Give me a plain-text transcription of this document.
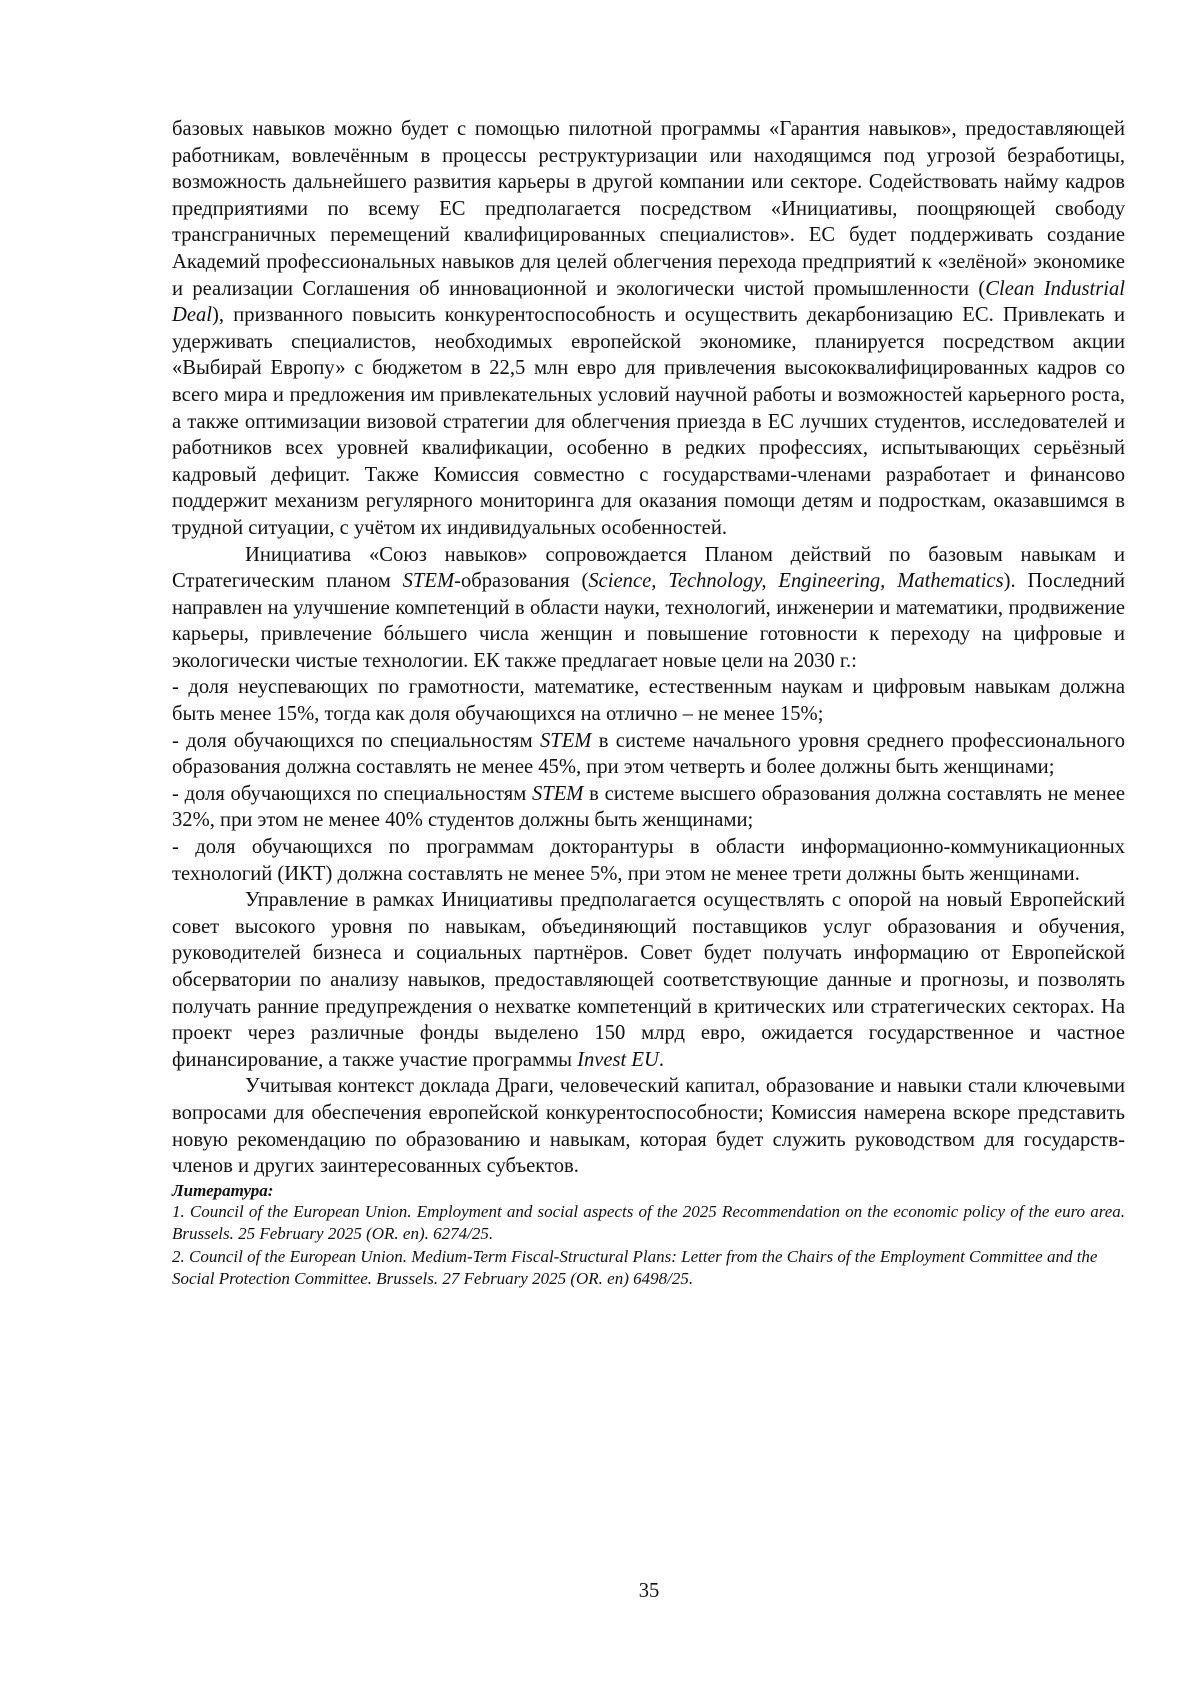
базовых навыков можно будет с помощью пилотной программы «Гарантия навыков», предоставляющей работникам, вовлечённым в процессы реструктуризации или находящимся под угрозой безработицы, возможность дальнейшего развития карьеры в другой компании или секторе. Содействовать найму кадров предприятиями по всему ЕС предполагается посредством «Инициативы, поощряющей свободу трансграничных перемещений квалифицированных специалистов». ЕС будет поддерживать создание Академий профессиональных навыков для целей облегчения перехода предприятий к «зелёной» экономике и реализации Соглашения об инновационной и экологически чистой промышленности (Clean Industrial Deal), призванного повысить конкурентоспособность и осуществить декарбонизацию ЕС. Привлекать и удерживать специалистов, необходимых европейской экономике, планируется посредством акции «Выбирай Европу» с бюджетом в 22,5 млн евро для привлечения высококвалифицированных кадров со всего мира и предложения им привлекательных условий научной работы и возможностей карьерного роста, а также оптимизации визовой стратегии для облегчения приезда в ЕС лучших студентов, исследователей и работников всех уровней квалификации, особенно в редких профессиях, испытывающих серьёзный кадровый дефицит. Также Комиссия совместно с государствами-членами разработает и финансово поддержит механизм регулярного мониторинга для оказания помощи детям и подросткам, оказавшимся в трудной ситуации, с учётом их индивидуальных особенностей.

Инициатива «Союз навыков» сопровождается Планом действий по базовым навыкам и Стратегическим планом STEM-образования (Science, Technology, Engineering, Mathematics). Последний направлен на улучшение компетенций в области науки, технологий, инженерии и математики, продвижение карьеры, привлечение бóльшего числа женщин и повышение готовности к переходу на цифровые и экологически чистые технологии. ЕК также предлагает новые цели на 2030 г.:

- доля неуспевающих по грамотности, математике, естественным наукам и цифровым навыкам должна быть менее 15%, тогда как доля обучающихся на отлично – не менее 15%;

- доля обучающихся по специальностям STEM в системе начального уровня среднего профессионального образования должна составлять не менее 45%, при этом четверть и более должны быть женщинами;

- доля обучающихся по специальностям STEM в системе высшего образования должна составлять не менее 32%, при этом не менее 40% студентов должны быть женщинами;

- доля обучающихся по программам докторантуры в области информационно-коммуникационных технологий (ИКТ) должна составлять не менее 5%, при этом не менее трети должны быть женщинами.

Управление в рамках Инициативы предполагается осуществлять с опорой на новый Европейский совет высокого уровня по навыкам, объединяющий поставщиков услуг образования и обучения, руководителей бизнеса и социальных партнёров. Совет будет получать информацию от Европейской обсерватории по анализу навыков, предоставляющей соответствующие данные и прогнозы, и позволять получать ранние предупреждения о нехватке компетенций в критических или стратегических секторах. На проект через различные фонды выделено 150 млрд евро, ожидается государственное и частное финансирование, а также участие программы Invest EU.

Учитывая контекст доклада Драги, человеческий капитал, образование и навыки стали ключевыми вопросами для обеспечения европейской конкурентоспособности; Комиссия намерена вскоре представить новую рекомендацию по образованию и навыкам, которая будет служить руководством для государств-членов и других заинтересованных субъектов.

Литература:

1. Council of the European Union. Employment and social aspects of the 2025 Recommendation on the economic policy of the euro area. Brussels. 25 February 2025 (OR. en). 6274/25.

2. Council of the European Union. Medium-Term Fiscal-Structural Plans: Letter from the Chairs of the Employment Committee and the Social Protection Committee. Brussels. 27 February 2025 (OR. en) 6498/25.

35
